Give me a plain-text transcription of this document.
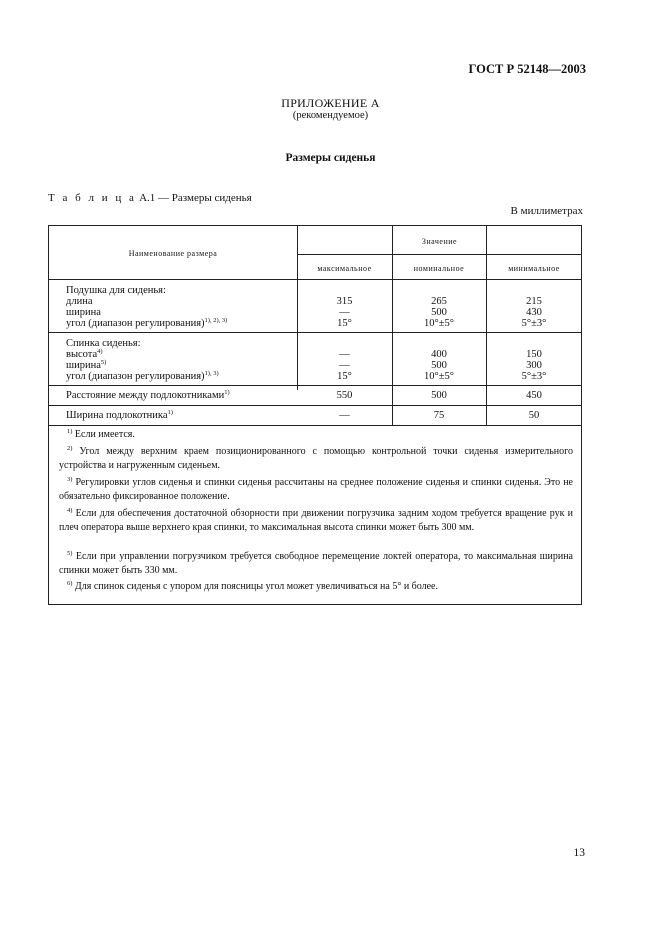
ГОСТ Р 52148—2003
ПРИЛОЖЕНИЕ А
(рекомендуемое)
Размеры сиденья
Т а б л и ц а А.1 — Размеры сиденья
В миллиметрах
Наименование размера
Значение
максимальное	номинальное	минимальное
Подушка для сиденья:
длина	315	265	215
ширина	—	500	430
угол (диапазон регулирования)$^{1), 2), 3)}$	15°	10°±5°	5°±3°
Спинка сиденья:
высота$^{4)}$	—	400	150
ширина$^{5)}$	—	500	300
угол (диапазон регулирования)$^{1), 3)}$	15°	10°±5°	5°±3°
Расстояние между подлокотниками$^{1)}$	550	500	450
Ширина подлокотника$^{1)}$	—	75	50
$^{1)}$ Если имеется.
$^{2)}$ Угол между верхним краем позиционированного с помощью контрольной точки сиденья измерительного устройства и нагруженным сиденьем.
$^{3)}$ Регулировки углов сиденья и спинки сиденья рассчитаны на среднее положение сиденья и спинки сиденья. Это не обязательно фиксированное положение.
$^{4)}$ Если для обеспечения достаточной обзорности при движении погрузчика задним ходом требуется вращение рук и плеч оператора выше верхнего края спинки, то максимальная высота спинки может быть 300 мм.
$^{5)}$ Если при управлении погрузчиком требуется свободное перемещение локтей оператора, то максимальная ширина спинки может быть 330 мм.
$^{6)}$ Для спинок сиденья с упором для поясницы угол может увеличиваться на 5° и более.
13
